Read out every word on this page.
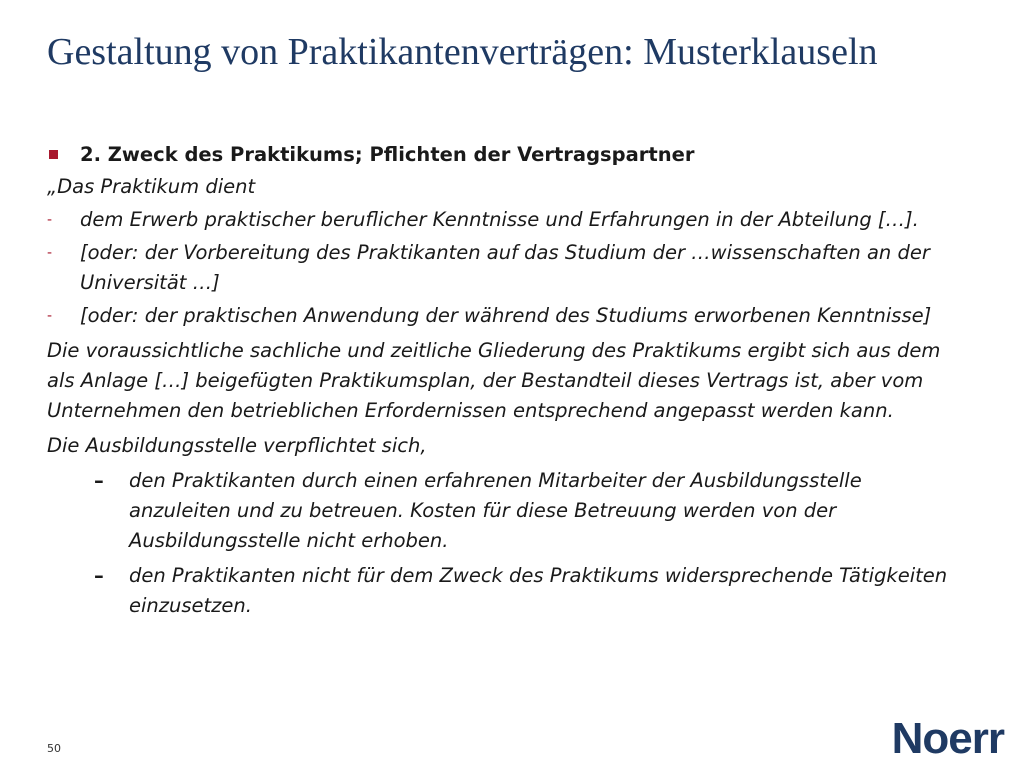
Gestaltung von Praktikantenverträgen: Musterklauseln
2. Zweck des Praktikums; Pflichten der Vertragspartner
„Das Praktikum dient
- dem Erwerb praktischer beruflicher Kenntnisse und Erfahrungen in der Abteilung […].
- [oder: der Vorbereitung des Praktikanten auf das Studium der …wissenschaften an der
Universität …]
- [oder: der praktischen Anwendung der während des Studiums erworbenen Kenntnisse]
Die voraussichtliche sachliche und zeitliche Gliederung des Praktikums ergibt sich aus dem
als Anlage […] beigefügten Praktikumsplan, der Bestandteil dieses Vertrags ist, aber vom
Unternehmen den betrieblichen Erfordernissen entsprechend angepasst werden kann.
Die Ausbildungsstelle verpflichtet sich,
– den Praktikanten durch einen erfahrenen Mitarbeiter der Ausbildungsstelle
anzuleiten und zu betreuen. Kosten für diese Betreuung werden von der
Ausbildungsstelle nicht erhoben.
– den Praktikanten nicht für dem Zweck des Praktikums widersprechende Tätigkeiten
einzusetzen.
50	Noerr
